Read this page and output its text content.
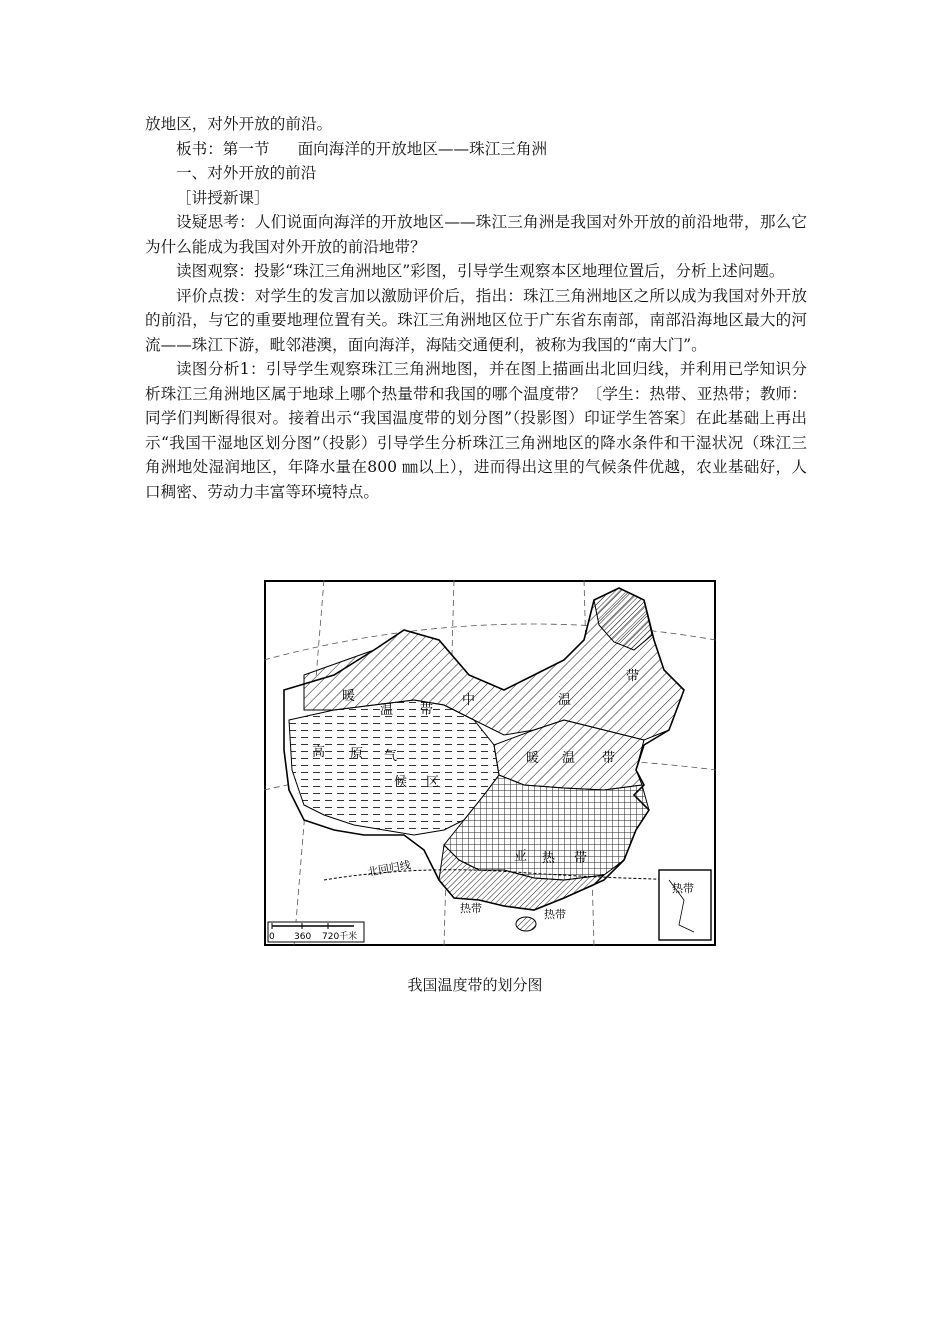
放地区，对外开放的前沿。

板书：第一节 面向海洋的开放地区——珠江三角洲

一、对外开放的前沿

［讲授新课］

设疑思考：人们说面向海洋的开放地区——珠江三角洲是我国对外开放的前沿地带，那么它为什么能成为我国对外开放的前沿地带？

读图观察：投影“珠江三角洲地区”彩图，引导学生观察本区地理位置后，分析上述问题。

评价点拨：对学生的发言加以激励评价后，指出：珠江三角洲地区之所以成为我国对外开放的前沿，与它的重要地理位置有关。珠江三角洲地区位于广东省东南部，南部沿海地区最大的河流——珠江下游，毗邻港澳，面向海洋，海陆交通便利，被称为我国的“南大门”。

读图分析1：引导学生观察珠江三角洲地图，并在图上描画出北回归线，并利用已学知识分析珠江三角洲地区属于地球上哪个热量带和我国的哪个温度带？〔学生：热带、亚热带；教师：同学们判断得很对。接着出示“我国温度带的划分图”（投影图）印证学生答案〕在此基础上再出示“我国干湿地区划分图”（投影）引导学生分析珠江三角洲地区的降水条件和干湿状况（珠江三角洲地处湿润地区，年降水量在800 ㎜以上），进而得出这里的气候条件优越，农业基础好，人口稠密、劳动力丰富等环境特点。

暖
温 带
中	温
带
暖 温 带
高 原 气
候 区
亚 热 带
北回归线
热带	热带
热带
0 360 720千米
我国温度带的划分图
